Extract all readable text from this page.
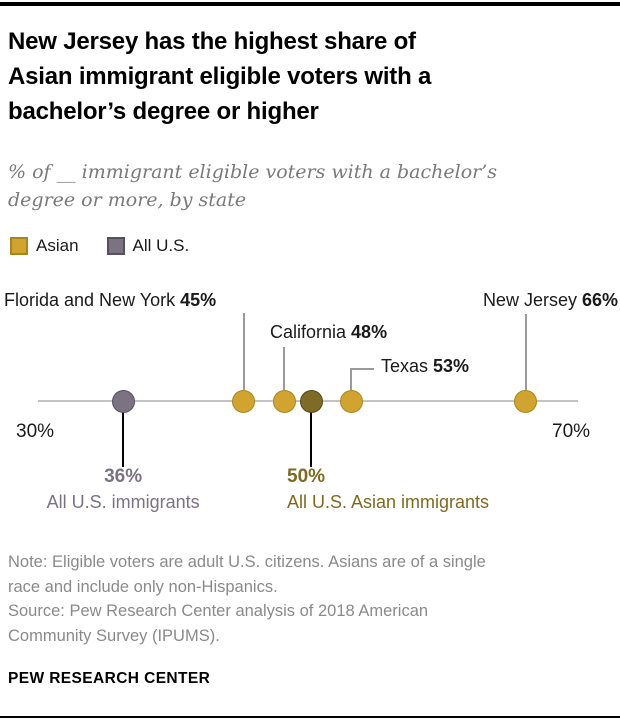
New Jersey has the highest share of
Asian immigrant eligible voters with a
bachelor’s degree or higher
% of __ immigrant eligible voters with a bachelor’s
degree or more, by state
Asian	All U.S.
30%	70%
Florida and New York 45%
California 48%
Texas 53%
New Jersey 66%
36%
All U.S. immigrants
50%
All U.S. Asian immigrants
Note: Eligible voters are adult U.S. citizens. Asians are of a single
race and include only non-Hispanics.
Source: Pew Research Center analysis of 2018 American
Community Survey (IPUMS).
PEW RESEARCH CENTER
